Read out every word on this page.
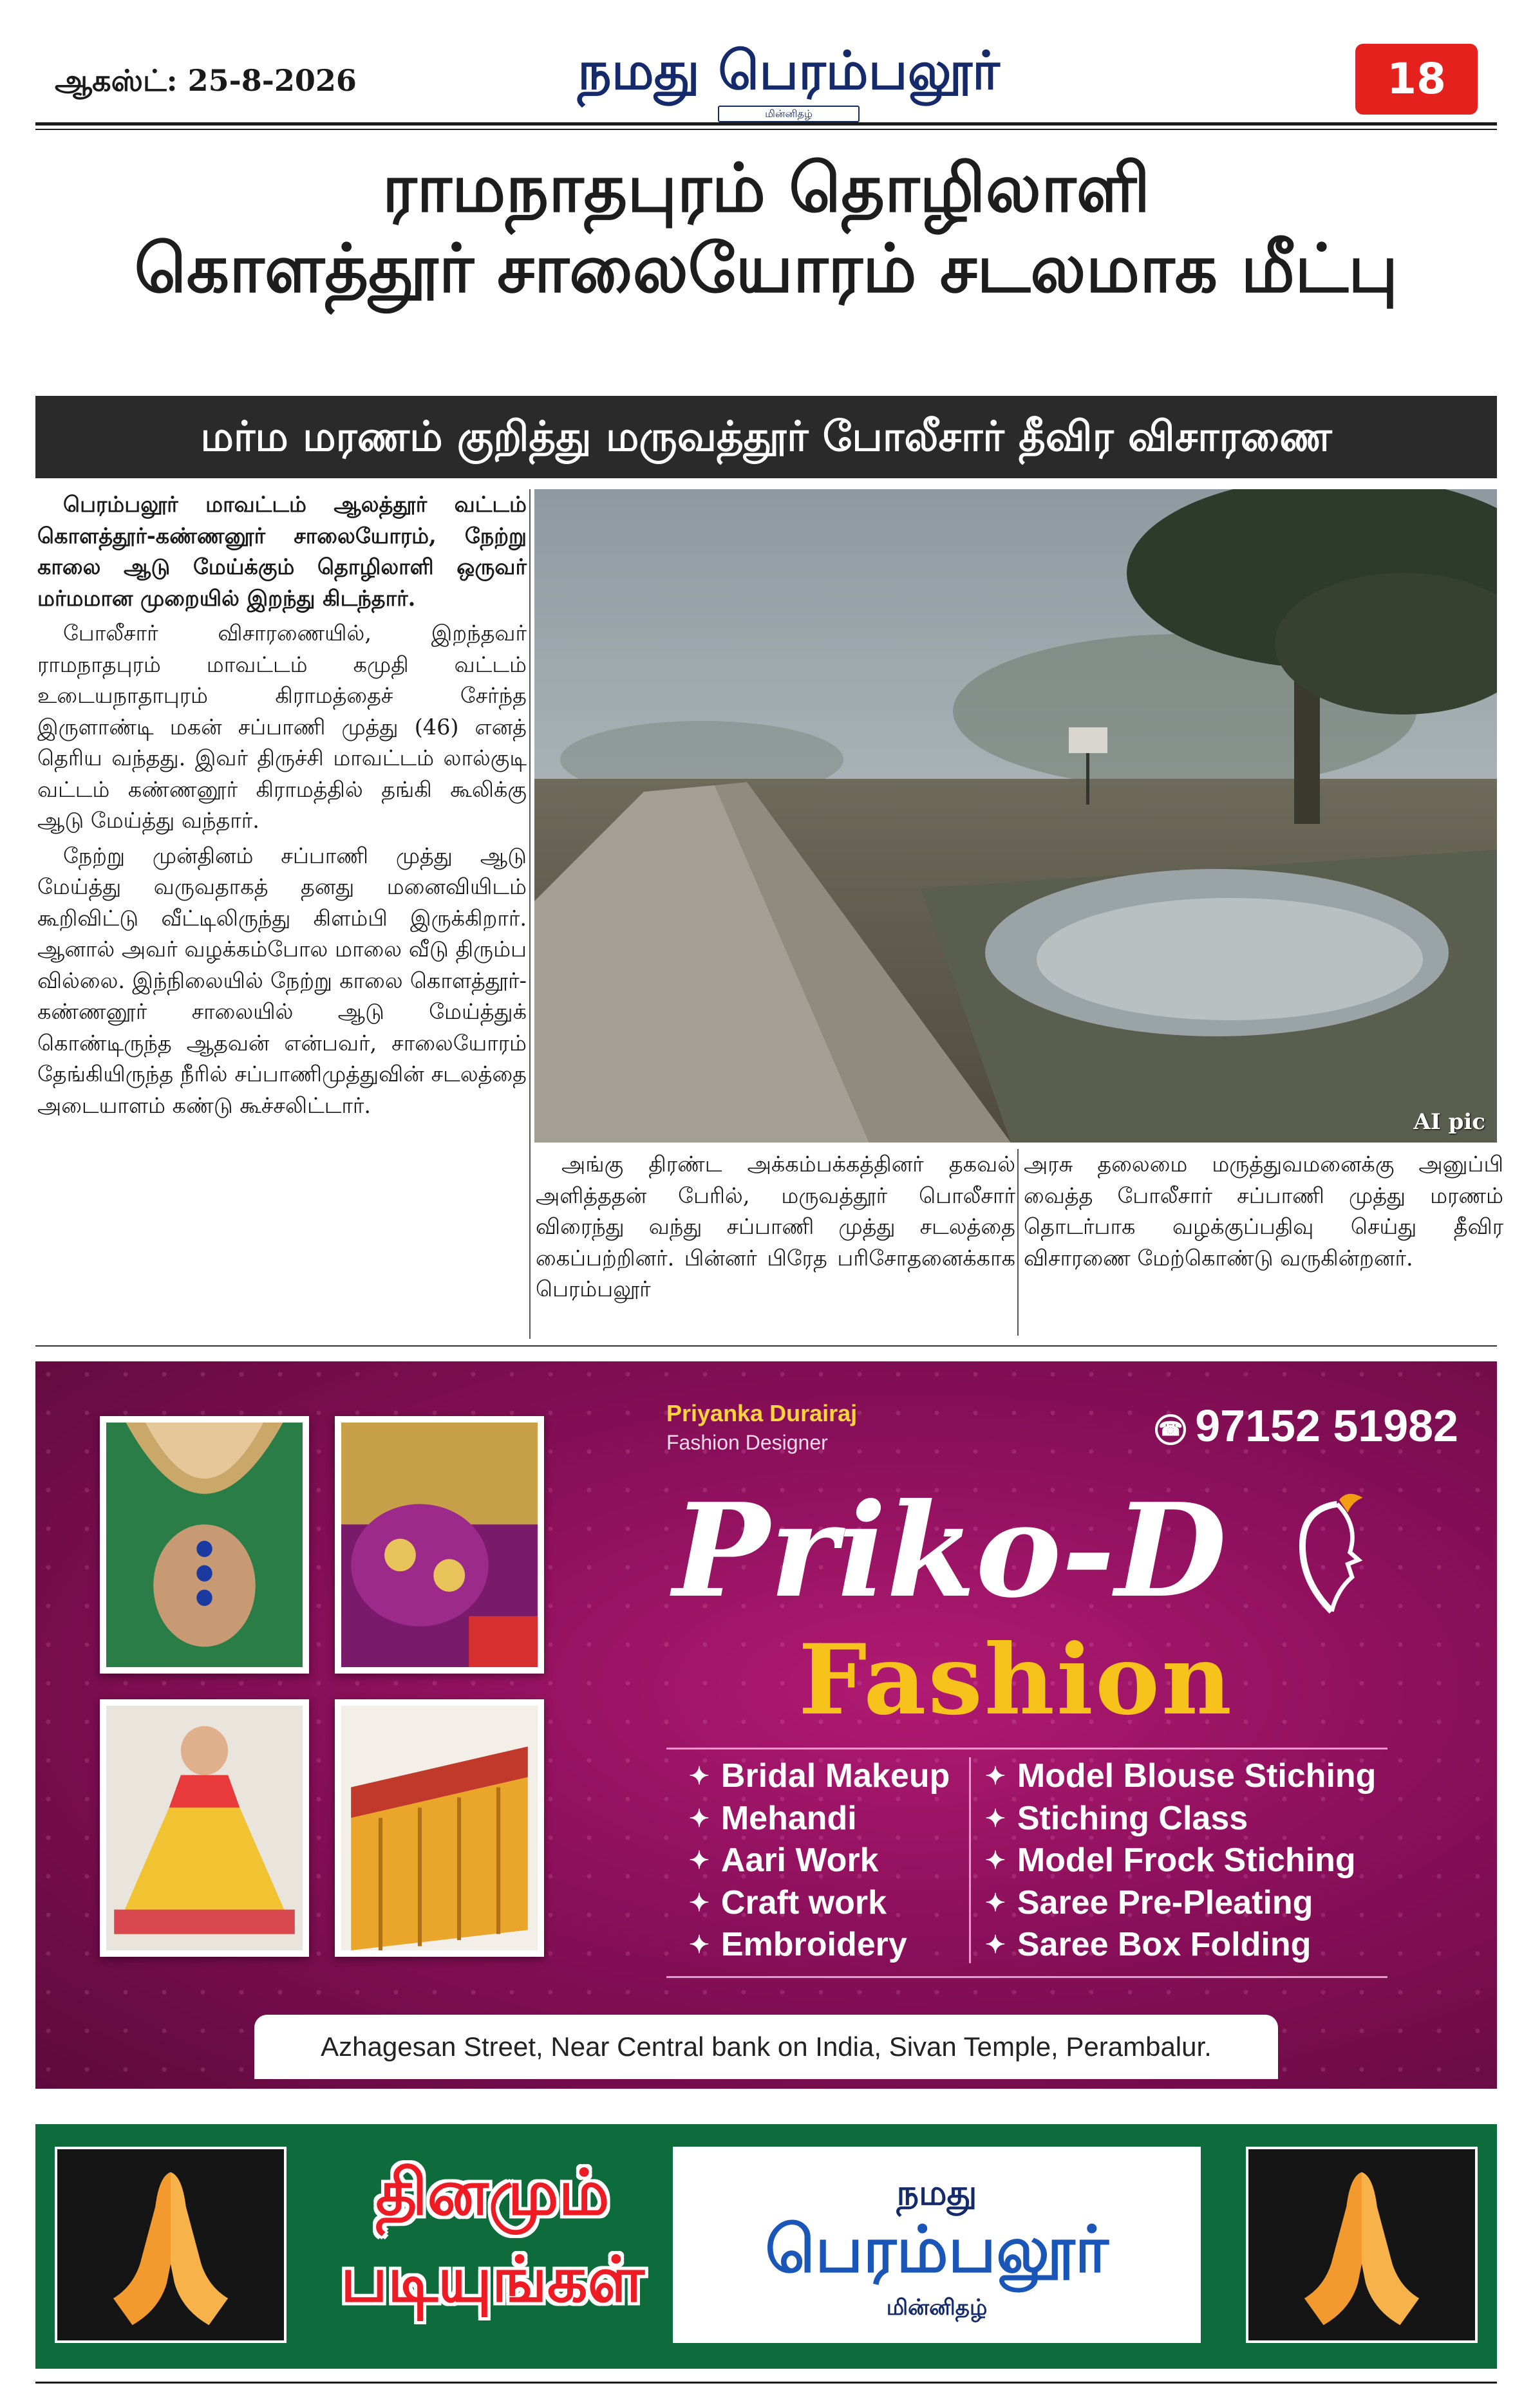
ஆகஸ்ட்: 25-8-2026	நமது பெரம்பலூர்
மின்னிதழ்
18
ராமநாதபுரம் தொழிலாளி
கொளத்தூர் சாலையோரம் சடலமாக மீட்பு
மர்ம மரணம் குறித்து மருவத்தூர் போலீசார் தீவிர விசாரணை

பெரம்பலூர் மாவட்டம் ஆலத்தூர் வட்டம் கொளத்தூர்-கண்ணனூர் சாலையோரம், நேற்று காலை ஆடு மேய்க்கும் தொழிலாளி ஒருவர் மர்மமான முறையில் இறந்து கிடந்தார்.

போலீசார் விசாரணையில், இறந்தவர் ராமநாதபுரம் மாவட்டம் கமுதி வட்டம் உடையநாதாபுரம் கிராமத்தைச் சேர்ந்த இருளாண்டி மகன் சப்பாணி முத்து (46) எனத் தெரிய வந்தது. இவர் திருச்சி மாவட்டம் லால்குடி வட்டம் கண்ணனூர் கிராமத்தில் தங்கி கூலிக்கு ஆடு மேய்த்து வந்தார்.

நேற்று முன்தினம் சப்பாணி முத்து ஆடு மேய்த்து வருவதாகத் தனது மனைவியிடம் கூறிவிட்டு வீட்டிலிருந்து கிளம்பி இருக்கிறார். ஆனால் அவர் வழக்கம்போல மாலை வீடு திரும்ப வில்லை. இந்நிலையில் நேற்று காலை கொளத்தூர்-கண்ணனூர் சாலையில் ஆடு மேய்த்துக் கொண்டிருந்த ஆதவன் என்பவர், சாலையோரம் தேங்கியிருந்த நீரில் சப்பாணிமுத்துவின் சடலத்தை அடையாளம் கண்டு கூச்சலிட்டார்.

AI pic
அங்கு திரண்ட அக்கம்பக்கத்தினர் தகவல் அளித்ததன் பேரில், மருவத்தூர் பொலீசார் விரைந்து வந்து சப்பாணி முத்து சடலத்தை கைப்பற்றினர். பின்னர் பிரேத பரிசோதனைக்காக பெரம்பலூர்
அரசு தலைமை மருத்துவமனைக்கு அனுப்பி வைத்த போலீசார் சப்பாணி முத்து மரணம் தொடர்பாக வழக்குப்பதிவு செய்து தீவிர விசாரணை மேற்கொண்டு வருகின்றனர்.
Priyanka Durairaj
Fashion Designer
☎ 97152 51982
Priko-D
Fashion
✦ Bridal Makeup
✦ Mehandi
✦ Aari Work
✦ Craft work
✦ Embroidery
✦ Model Blouse Stiching
✦ Stiching Class
✦ Model Frock Stiching
✦ Saree Pre-Pleating
✦ Saree Box Folding
Azhagesan Street, Near Central bank on India, Sivan Temple, Perambalur.
தினமும்
படியுங்கள்
நமது
பெரம்பலூர்
மின்னிதழ்
